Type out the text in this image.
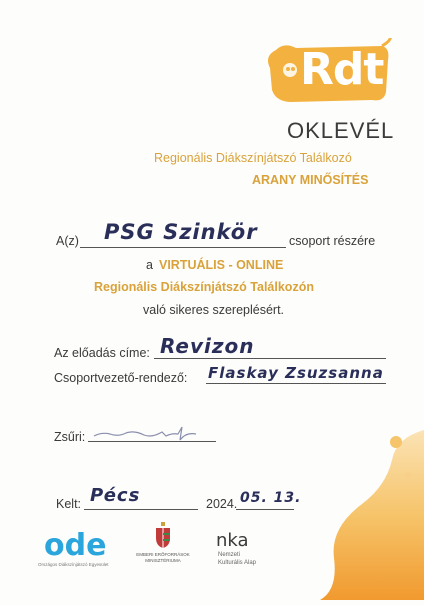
Rdt
OKLEVÉL
Regionális Diákszínjátszó Találkozó
ARANY MINŐSÍTÉS
A(z) PSG Szinkör	csoport részére
a VIRTUÁLIS - ONLINE
Regionális Diákszínjátszó Találkozón
való sikeres szereplésért.
Az előadás címe: Revizon
Csoportvezető-rendező: Flaskay Zsuzsanna
Zsűri:
Kelt: Pécs	2024. 05. 13.
ode
Országos Diákszínjátszó Egyesület
EMBERI ERŐFORRÁSOK MINISZTÉRIUMA
nka
Nemzeti
Kulturális Alap
